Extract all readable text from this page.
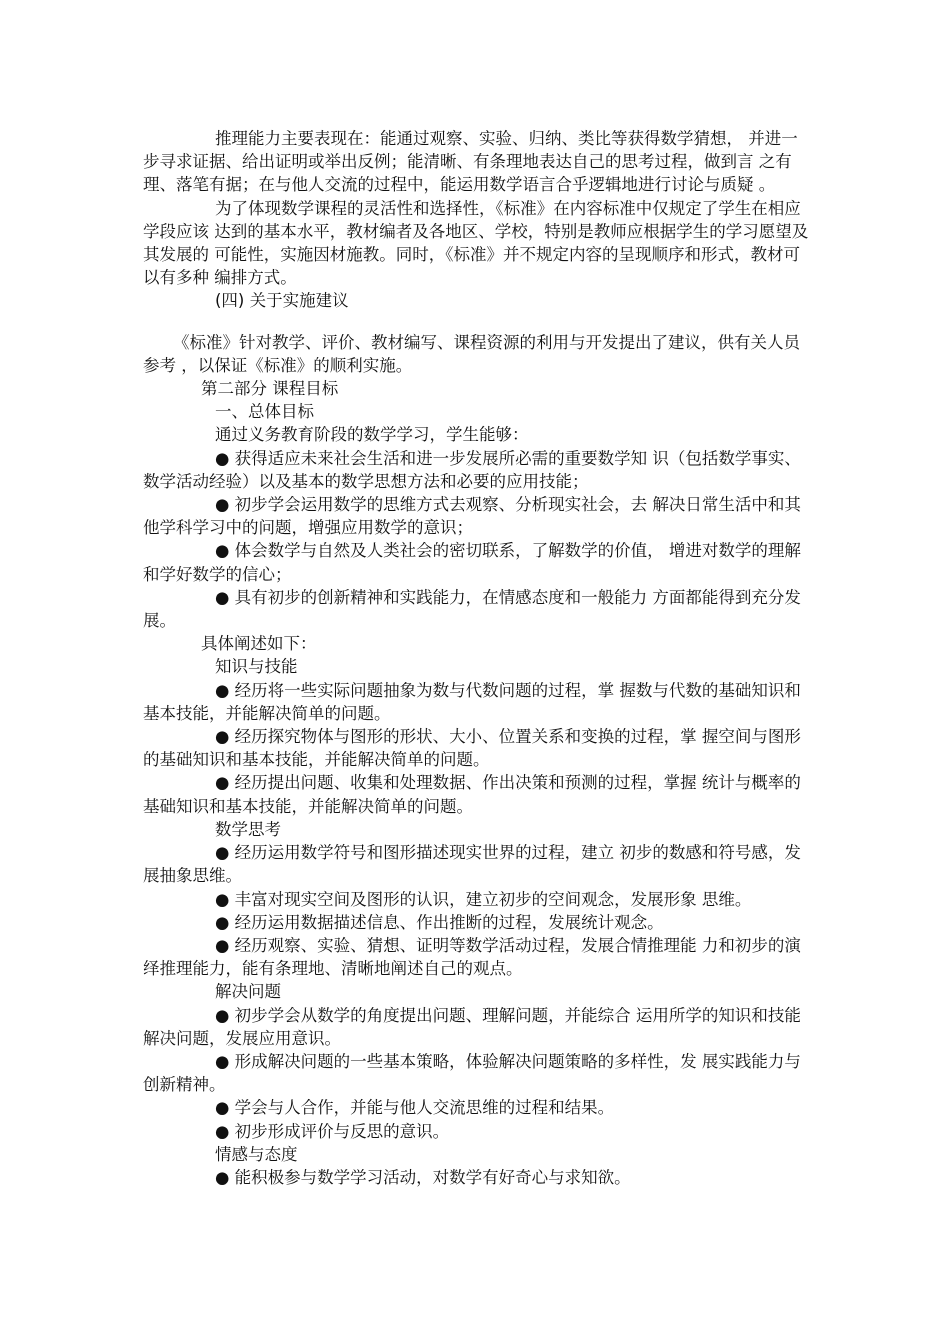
推理能力主要表现在：能通过观察、实验、归纳、类比等获得数学猜想， 并进一步寻求证据、给出证明或举出反例；能清晰、有条理地表达自己的思考过程，做到言 之有理、落笔有据；在与他人交流的过程中，能运用数学语言合乎逻辑地进行讨论与质疑 。

为了体现数学课程的灵活性和选择性，《标准》在内容标准中仅规定了学生在相应 学段应该 达到的基本水平，教材编者及各地区、学校，特别是教师应根据学生的学习愿望及其发展的 可能性，实施因材施教。同时，《标准》并不规定内容的呈现顺序和形式，教材可以有多种 编排方式。

(四) 关于实施建议

《标准》针对教学、评价、教材编写、课程资源的利用与开发提出了建议，供有关人员参考 ，以保证《标准》的顺利实施。

第二部分 课程目标

一、总体目标

通过义务教育阶段的数学学习，学生能够：

● 获得适应未来社会生活和进一步发展所必需的重要数学知 识（包括数学事实、数学活动经验）以及基本的数学思想方法和必要的应用技能；

● 初步学会运用数学的思维方式去观察、分析现实社会，去 解决日常生活中和其他学科学习中的问题，增强应用数学的意识；

● 体会数学与自然及人类社会的密切联系，了解数学的价值， 增进对数学的理解和学好数学的信心；

● 具有初步的创新精神和实践能力，在情感态度和一般能力 方面都能得到充分发展。

具体阐述如下：

知识与技能

● 经历将一些实际问题抽象为数与代数问题的过程，掌 握数与代数的基础知识和基本技能，并能解决简单的问题。

● 经历探究物体与图形的形状、大小、位置关系和变换的过程，掌 握空间与图形的基础知识和基本技能，并能解决简单的问题。

● 经历提出问题、收集和处理数据、作出决策和预测的过程，掌握 统计与概率的基础知识和基本技能，并能解决简单的问题。

数学思考

● 经历运用数学符号和图形描述现实世界的过程，建立 初步的数感和符号感，发展抽象思维。

● 丰富对现实空间及图形的认识，建立初步的空间观念，发展形象 思维。

● 经历运用数据描述信息、作出推断的过程，发展统计观念。

● 经历观察、实验、猜想、证明等数学活动过程，发展合情推理能 力和初步的演绎推理能力，能有条理地、清晰地阐述自己的观点。

解决问题

● 初步学会从数学的角度提出问题、理解问题，并能综合 运用所学的知识和技能解决问题，发展应用意识。

● 形成解决问题的一些基本策略，体验解决问题策略的多样性，发 展实践能力与创新精神。

● 学会与人合作，并能与他人交流思维的过程和结果。

● 初步形成评价与反思的意识。

情感与态度

● 能积极参与数学学习活动，对数学有好奇心与求知欲。
